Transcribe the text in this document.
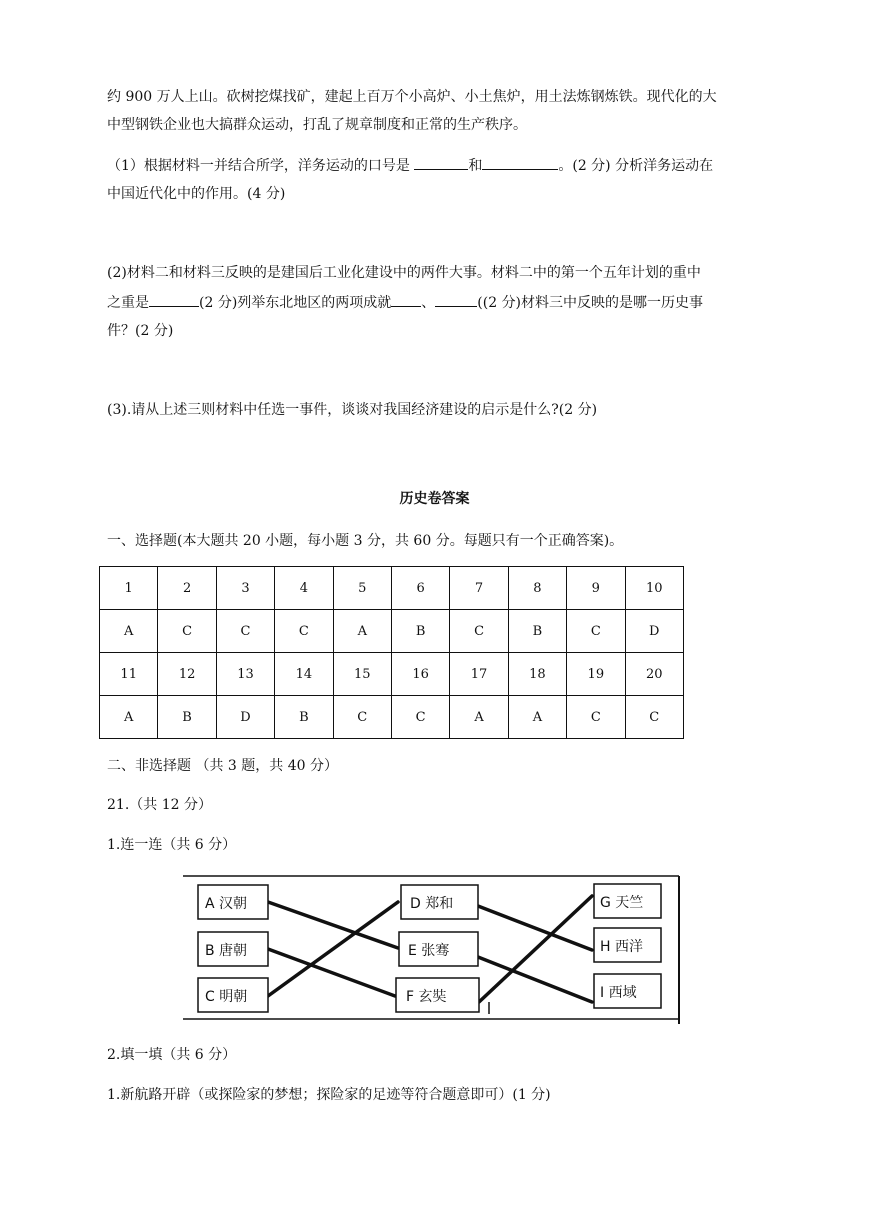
约 900 万人上山。砍树挖煤找矿，建起上百万个小高炉、小土焦炉，用土法炼钢炼铁。现代化的大
中型钢铁企业也大搞群众运动，打乱了规章制度和正常的生产秩序。
（1）根据材料一并结合所学，洋务运动的口号是	和	。(2 分) 分析洋务运动在
中国近代化中的作用。(4 分)
(2)材料二和材料三反映的是建国后工业化建设中的两件大事。材料二中的第一个五年计划的重中
之重是	(2 分)列举东北地区的两项成就 、	((2 分)材料三中反映的是哪一历史事
件？(2 分)
(3).请从上述三则材料中任选一事件，谈谈对我国经济建设的启示是什么?(2 分)
历史卷答案
一、选择题(本大题共 20 小题，每小题 3 分，共 60 分。每题只有一个正确答案)。
1	2	3	4	5	6	7	8	9	10
A	C	C	C	A	B	C	B	C	D
11	12	13	14	15	16	17	18	19	20
A	B	D	B	C	C	A	A	C	C
二、非选择题 （共 3 题，共 40 分）
21.（共 12 分）
1.连一连（共 6 分）
A 汉朝
B 唐朝
C 明朝
D 郑和
E 张骞
F 玄奘
G 天竺
H 西洋
I 西域
2.填一填（共 6 分）
1.新航路开辟（或探险家的梦想；探险家的足迹等符合题意即可）(1 分)
